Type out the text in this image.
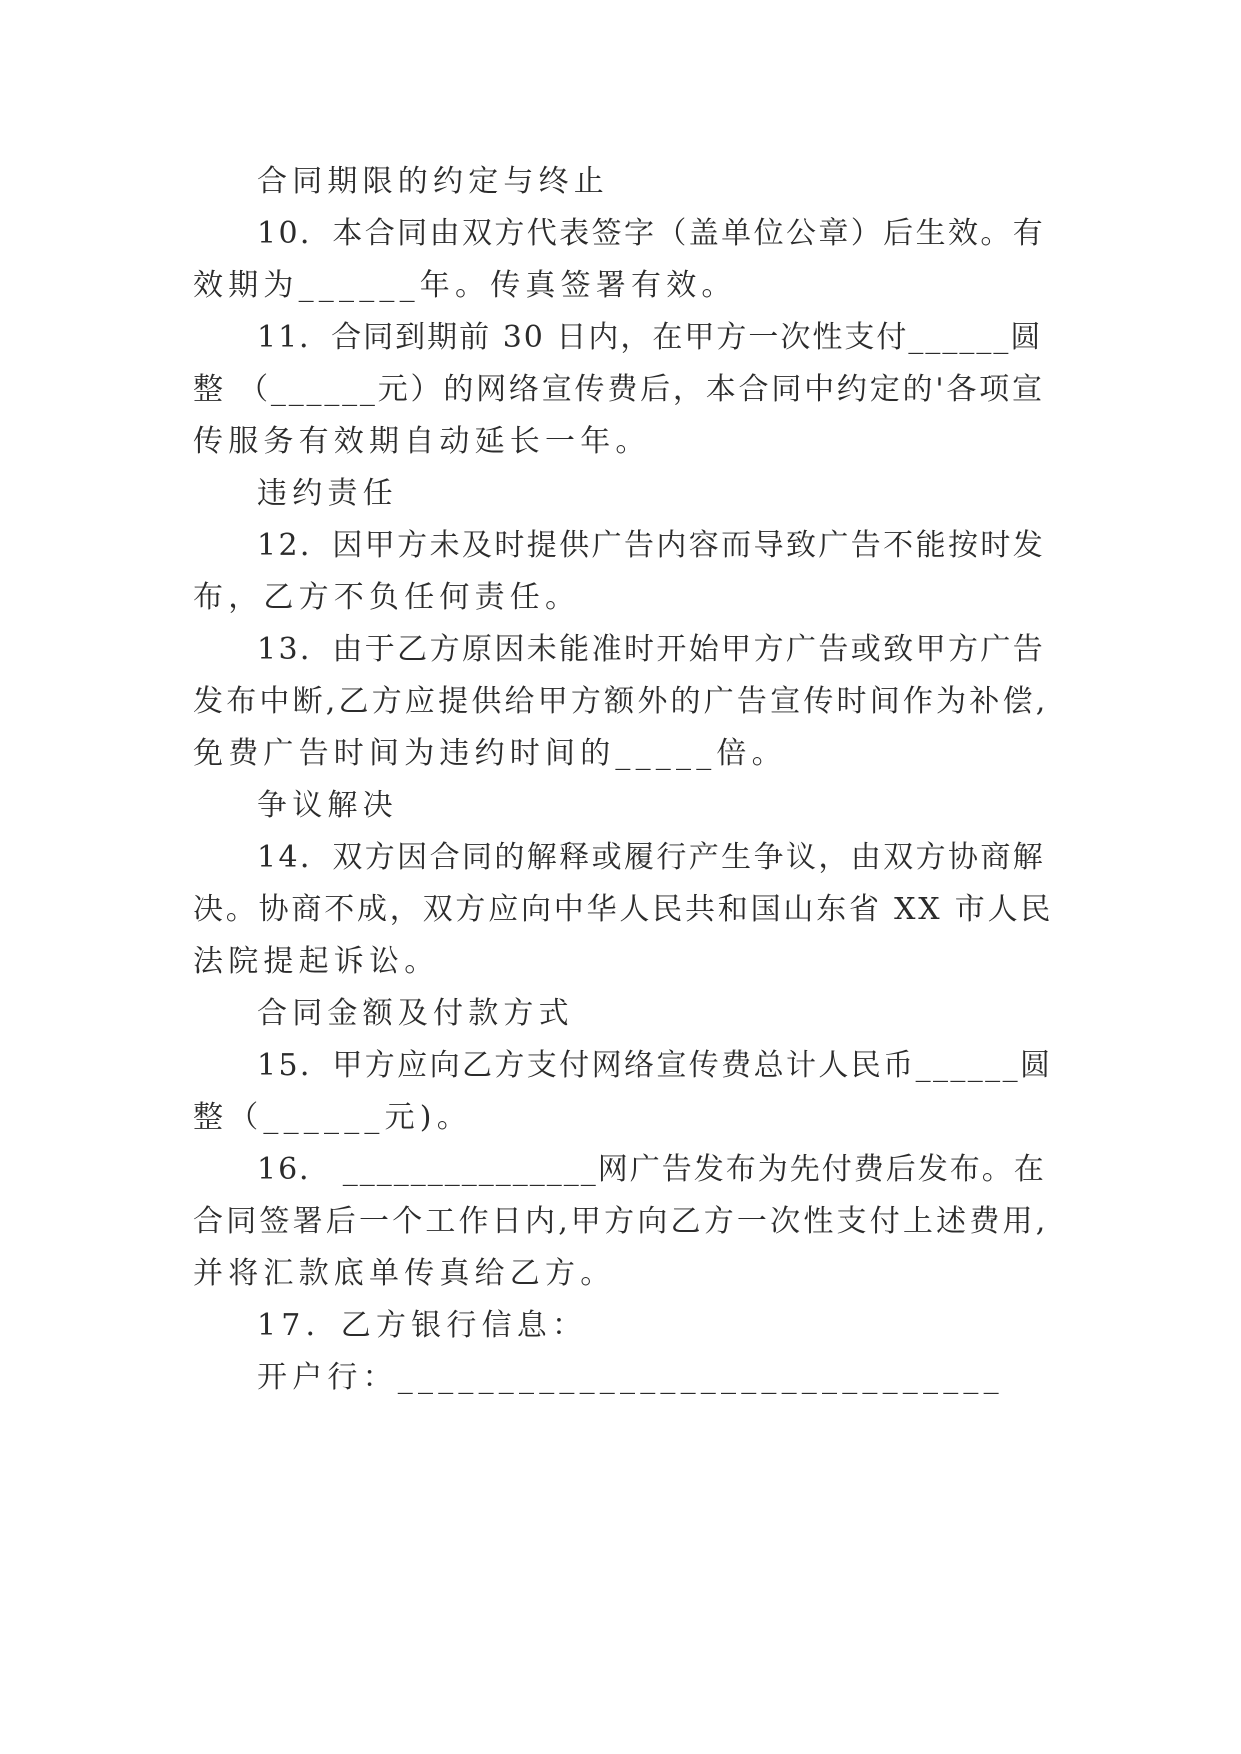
合同期限的约定与终止
10．本合同由双方代表签字（盖单位公章）后生效。有
效期为______年。传真签署有效。
11．合同到期前 30 日内，在甲方一次性支付______圆
整 （______元）的网络宣传费后，本合同中约定的'各项宣
传服务有效期自动延长一年。
违约责任
12．因甲方未及时提供广告内容而导致广告不能按时发
布，乙方不负任何责任。
13．由于乙方原因未能准时开始甲方广告或致甲方广告
发布中断,乙方应提供给甲方额外的广告宣传时间作为补偿,
免费广告时间为违约时间的_____倍。
争议解决
14．双方因合同的解释或履行产生争议，由双方协商解
决。协商不成，双方应向中华人民共和国山东省 XX 市人民
法院提起诉讼。
合同金额及付款方式
15．甲方应向乙方支付网络宣传费总计人民币______圆
整（______元)。
16． _______________网广告发布为先付费后发布。在
合同签署后一个工作日内,甲方向乙方一次性支付上述费用,
并将汇款底单传真给乙方。
17．乙方银行信息：
开户行：______________________________
